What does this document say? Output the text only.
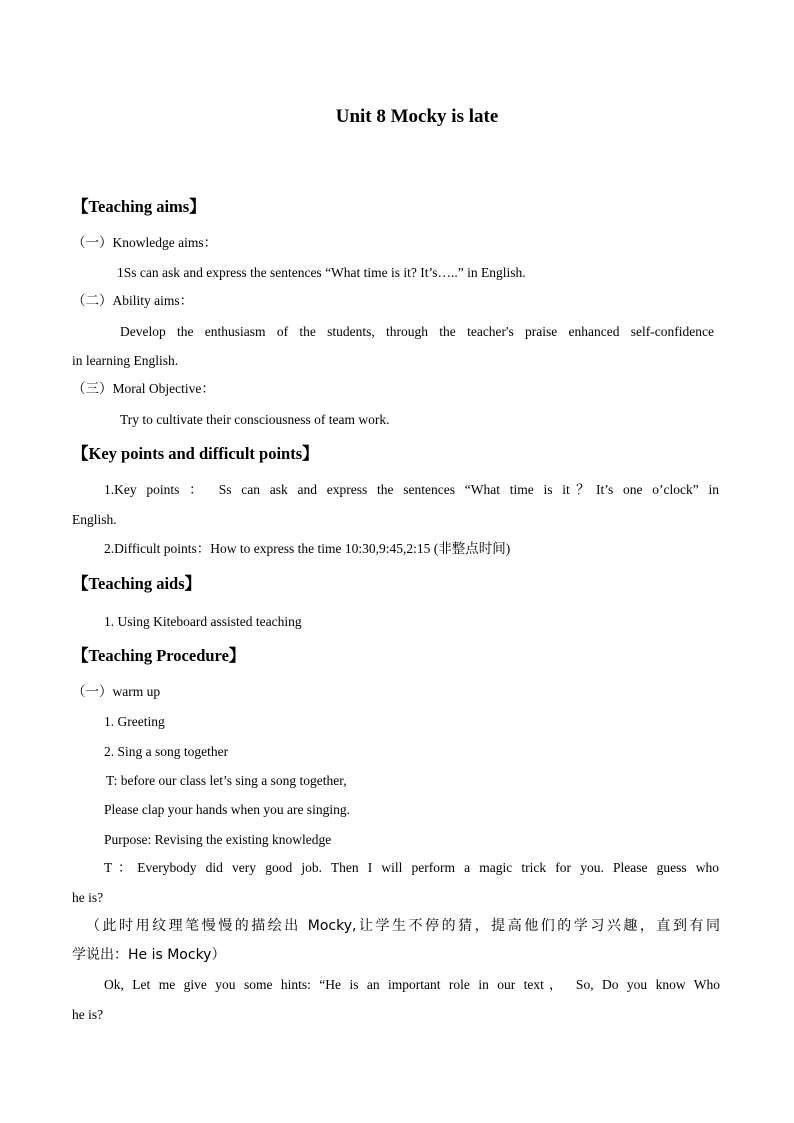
Unit 8 Mocky is late
【Teaching aims】
（一）Knowledge aims：
1Ss can ask and express the sentences “What time is it? It’s…..” in English.
（二）Ability aims：
Develop the enthusiasm of the students, through the teacher's praise enhanced self-confidence
in learning English.
（三）Moral Objective：
Try to cultivate their consciousness of team work.
【Key points and difficult points】
1.Key points ： Ss can ask and express the sentences “What time is it？It’s one o’clock” in
English.
2.Difficult points：How to express the time 10:30,9:45,2:15 (非整点时间)
【Teaching aids】
1. Using Kiteboard assisted teaching
【Teaching Procedure】
（一）warm up
1. Greeting
2. Sing a song together
T: before our class let’s sing a song together,
Please clap your hands when you are singing.
Purpose: Revising the existing knowledge
T：Everybody did very good job. Then I will perform a magic trick for you. Please guess who
he is?
（此时用纹理笔慢慢的描绘出 Mocky,让学生不停的猜，提高他们的学习兴趣，直到有同
学说出：He is Mocky）
Ok, Let me give you some hints: “He is an important role in our text， So, Do you know Who
he is?
